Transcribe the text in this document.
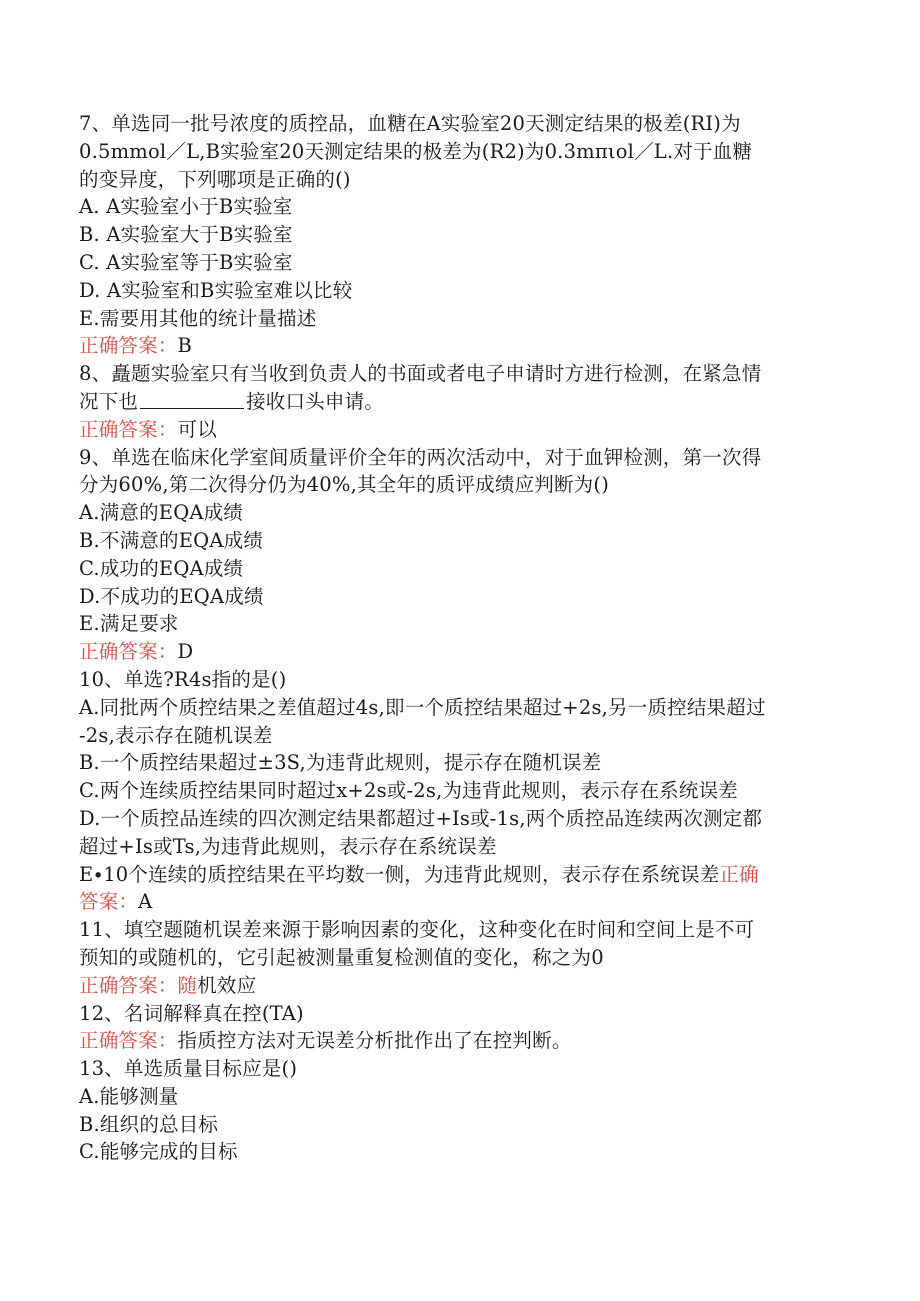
7、单选同一批号浓度的质控品，血糖在A实验室20天测定结果的极差(RI)为
0.5mmol／L,B实验室20天测定结果的极差为(R2)为0.3mπιol／L.对于血糖
的变异度，下列哪项是正确的()
A. A实验室小于B实验室
B. A实验室大于B实验室
C. A实验室等于B实验室
D. A实验室和B实验室难以比较
E.需要用其他的统计量描述
正确答案：B
8、矗题实验室只有当收到负责人的书面或者电子申请时方进行检测，在紧急情
况下也	接收口头申请。
正确答案：可以
9、单选在临床化学室间质量评价全年的两次活动中，对于血钾检测，第一次得
分为60%,第二次得分仍为40%,其全年的质评成绩应判断为()
A.满意的EQA成绩
B.不满意的EQA成绩
C.成功的EQA成绩
D.不成功的EQA成绩
E.满足要求
正确答案：D
10、单选?R4s指的是()
A.同批两个质控结果之差值超过4s,即一个质控结果超过+2s,另一质控结果超过
-2s,表示存在随机误差
B.一个质控结果超过±3S,为违背此规则，提示存在随机误差
C.两个连续质控结果同时超过x+2s或-2s,为违背此规则，表示存在系统误差
D.一个质控品连续的四次测定结果都超过+Is或-1s,两个质控品连续两次测定都
超过+Is或Ts,为违背此规则，表示存在系统误差
E∙10个连续的质控结果在平均数一侧，为违背此规则，表示存在系统误差正确
答案：A
11、填空题随机误差来源于影响因素的变化，这种变化在时间和空间上是不可
预知的或随机的，它引起被测量重复检测值的变化，称之为0
正确答案：随机效应
12、名词解释真在控(TA)
正确答案：指质控方法对无误差分析批作出了在控判断。
13、单选质量目标应是()
A.能够测量
B.组织的总目标
C.能够完成的目标
